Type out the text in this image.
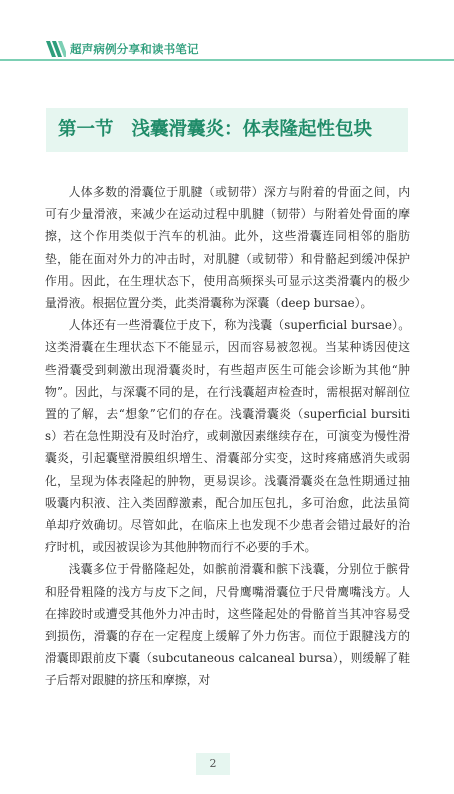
超声病例分享和读书笔记
第一节 浅囊滑囊炎：体表隆起性包块

人体多数的滑囊位于肌腱（或韧带）深方与附着的骨面之间，内可有少量滑液，来减少在运动过程中肌腱（韧带）与附着处骨面的摩擦，这个作用类似于汽车的机油。此外，这些滑囊连同相邻的脂肪垫，能在面对外力的冲击时，对肌腱（或韧带）和骨骼起到缓冲保护作用。因此，在生理状态下，使用高频探头可显示这类滑囊内的极少量滑液。根据位置分类，此类滑囊称为深囊（deep bursae）。

人体还有一些滑囊位于皮下，称为浅囊（superficial bursae）。这类滑囊在生理状态下不能显示，因而容易被忽视。当某种诱因使这些滑囊受到刺激出现滑囊炎时，有些超声医生可能会诊断为其他“肿物”。因此，与深囊不同的是，在行浅囊超声检查时，需根据对解剖位置的了解，去“想象”它们的存在。浅囊滑囊炎（superficial bursitis）若在急性期没有及时治疗，或刺激因素继续存在，可演变为慢性滑囊炎，引起囊壁滑膜组织增生、滑囊部分实变，这时疼痛感消失或弱化，呈现为体表隆起的肿物，更易误诊。浅囊滑囊炎在急性期通过抽吸囊内积液、注入类固醇激素，配合加压包扎，多可治愈，此法虽简单却疗效确切。尽管如此，在临床上也发现不少患者会错过最好的治疗时机，或因被误诊为其他肿物而行不必要的手术。

浅囊多位于骨骼隆起处，如髌前滑囊和髌下浅囊，分别位于髌骨和胫骨粗隆的浅方与皮下之间，尺骨鹰嘴滑囊位于尺骨鹰嘴浅方。人在摔跤时或遭受其他外力冲击时，这些隆起处的骨骼首当其冲容易受到损伤，滑囊的存在一定程度上缓解了外力伤害。而位于跟腱浅方的滑囊即跟前皮下囊（subcutaneous calcaneal bursa），则缓解了鞋子后帮对跟腱的挤压和摩擦，对

2
